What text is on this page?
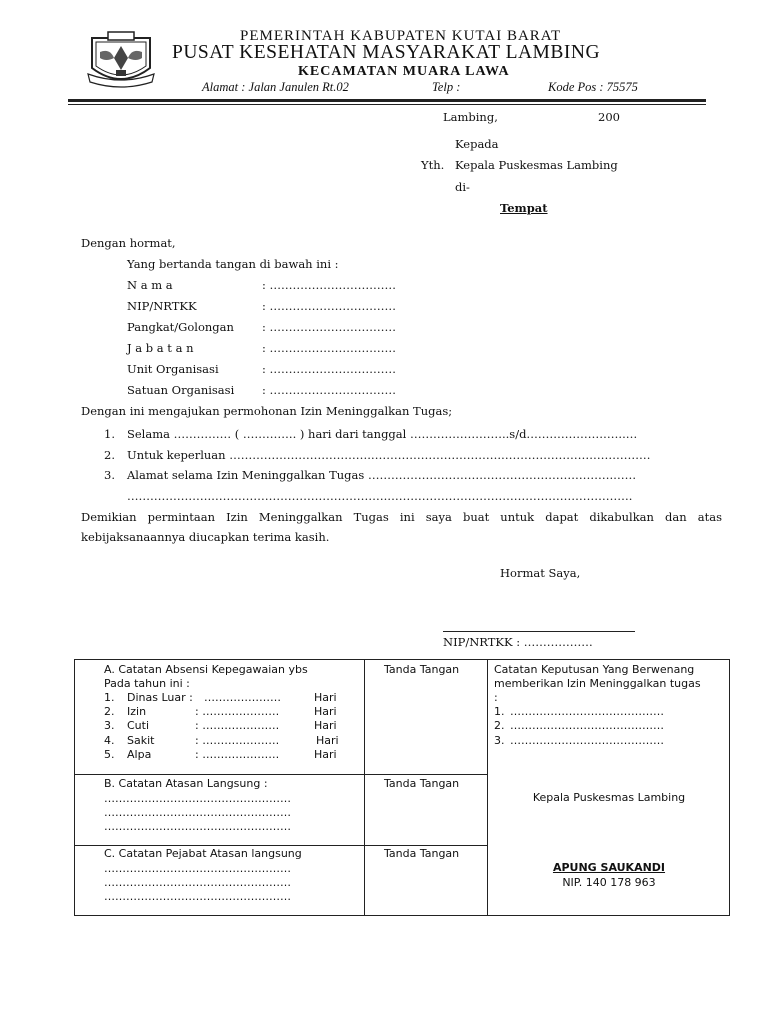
PEMERINTAH KABUPATEN KUTAI BARAT
PUSAT KESEHATAN MASYARAKAT LAMBING
KECAMATAN MUARA LAWA
Alamat : Jalan Janulen Rt.02	Telp :	Kode Pos : 75575
Lambing,	200
Kepada
Yth. Kepala Puskesmas Lambing
di-
Tempat
Dengan hormat,
Yang bertanda tangan di bawah ini :
N a m a	: ……………………………
NIP/NRTKK	: ……………………………
Pangkat/Golongan : ……………………………
J a b a t a n	: ……………………………
Unit Organisasi	: ……………………………
Satuan Organisasi : ……………………………
Dengan ini mengajukan permohonan Izin Meninggalkan Tugas;
1. Selama …………… ( ………….. ) hari dari tanggal ……………………..s/d……………………..…
2. Untuk keperluan ……………………………….…………………………….…………………………………
3. Alamat selama Izin Meninggalkan Tugas ……………………………………………………….……
………………….……………………………………….……………………………………………………….
Demikian permintaan Izin Meninggalkan Tugas ini saya buat untuk dapat dikabulkan dan atas
kebijaksanaannya diucapkan terima kasih.
Hormat Saya,
NIP/NRTKK : ………………
A. Catatan Absensi Kepegawaian ybs
Pada tahun ini :
1. Dinas Luar : …………………	Hari
2. Izin	: …………………	Hari
3. Cuti	: …………………	Hari
4. Sakit	: …………………	Hari
5. Alpa	: …………………	Hari
Tanda Tangan
B. Catatan Atasan Langsung :
……………………………………………
……………………………………………
……………………………………………
Tanda Tangan
C. Catatan Pejabat Atasan langsung
……………………………………………
……………………………………………
……………………………………………
Tanda Tangan
Catatan Keputusan Yang Berwenang
memberikan Izin Meninggalkan tugas
:
1. ……………………………………
2. ……………………………………
3. ……………………………………
Kepala Puskesmas Lambing
APUNG SAUKANDI
NIP. 140 178 963
